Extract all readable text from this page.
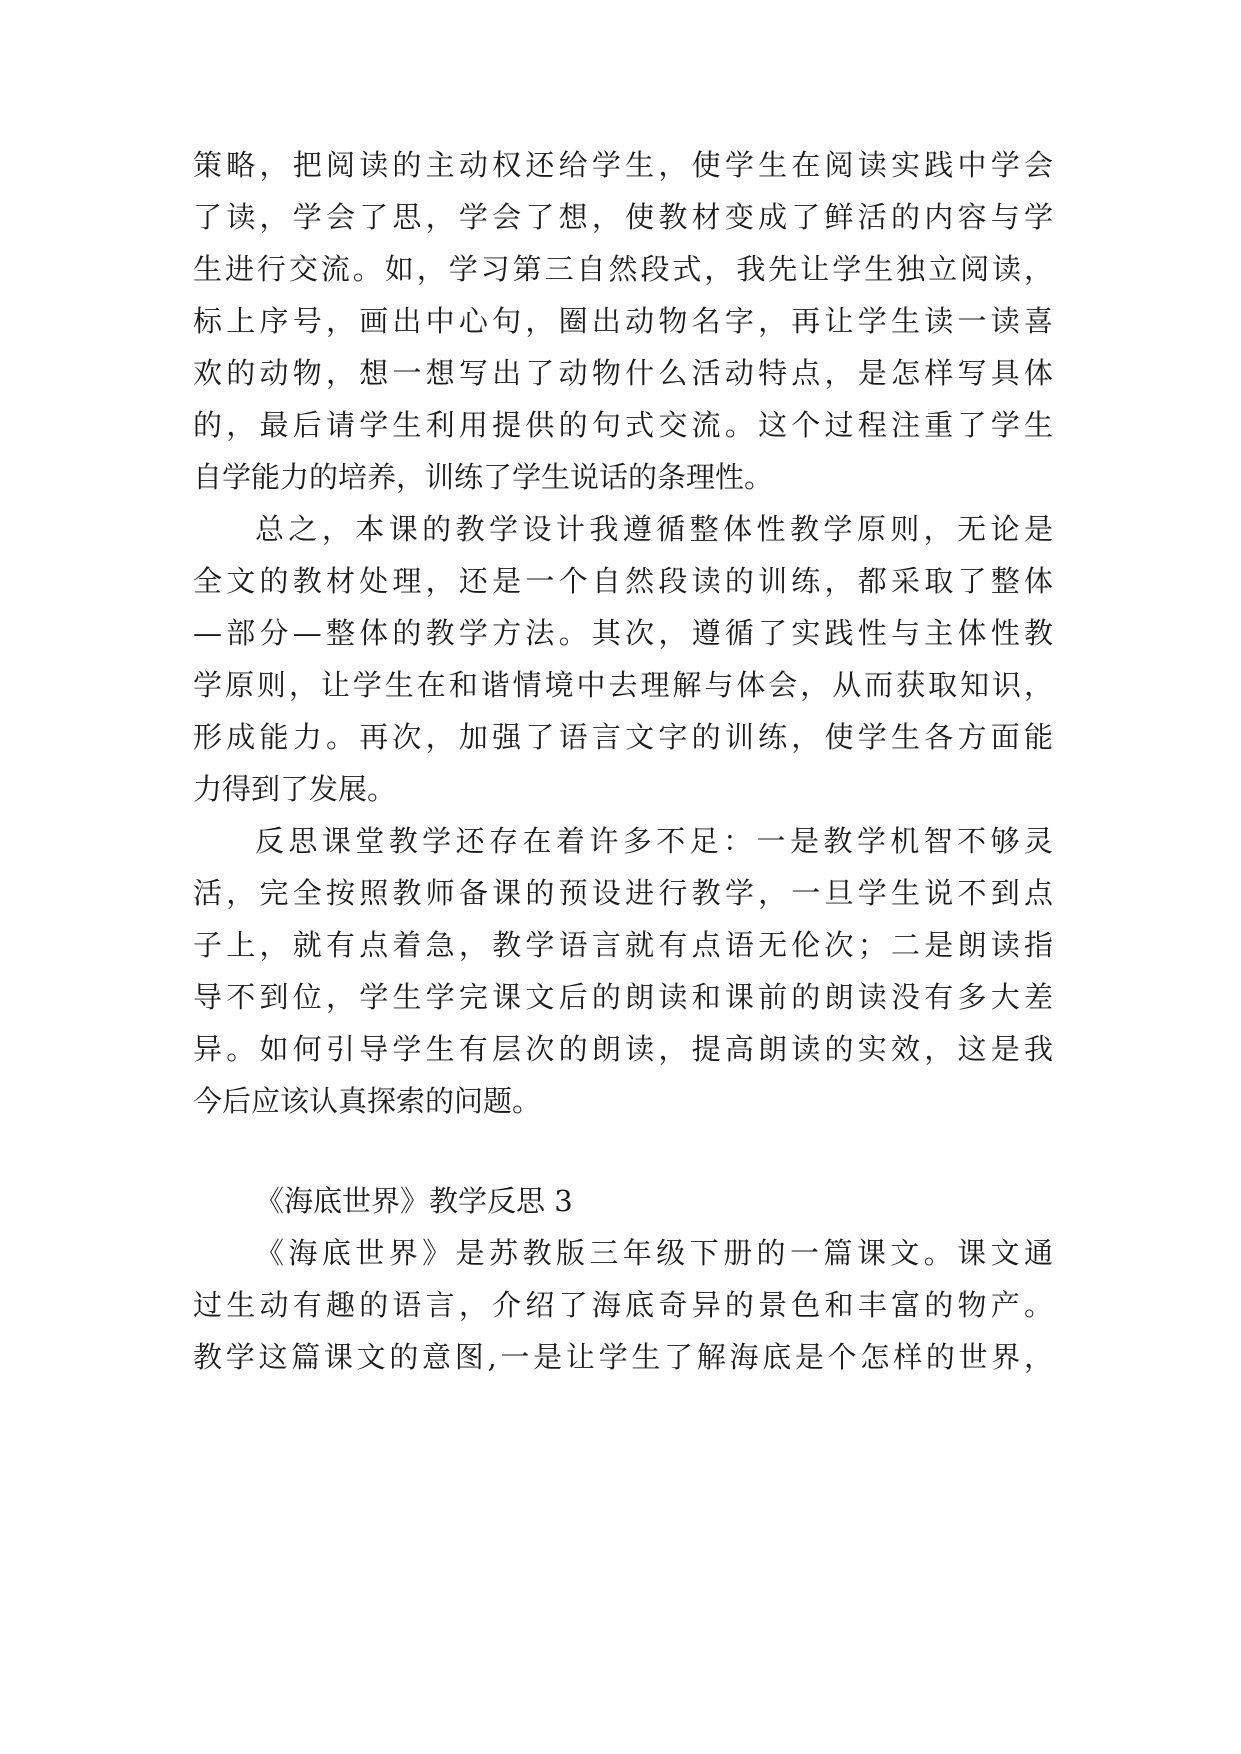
策略，把阅读的主动权还给学生，使学生在阅读实践中学会
了读，学会了思，学会了想，使教材变成了鲜活的内容与学
生进行交流。如，学习第三自然段式，我先让学生独立阅读，
标上序号，画出中心句，圈出动物名字，再让学生读一读喜
欢的动物，想一想写出了动物什么活动特点，是怎样写具体
的，最后请学生利用提供的句式交流。这个过程注重了学生
自学能力的培养，训练了学生说话的条理性。
总之，本课的教学设计我遵循整体性教学原则，无论是
全文的教材处理，还是一个自然段读的训练，都采取了整体
—部分—整体的教学方法。其次，遵循了实践性与主体性教
学原则，让学生在和谐情境中去理解与体会，从而获取知识，
形成能力。再次，加强了语言文字的训练，使学生各方面能
力得到了发展。
反思课堂教学还存在着许多不足：一是教学机智不够灵
活，完全按照教师备课的预设进行教学，一旦学生说不到点
子上，就有点着急，教学语言就有点语无伦次；二是朗读指
导不到位，学生学完课文后的朗读和课前的朗读没有多大差
异。如何引导学生有层次的朗读，提高朗读的实效，这是我
今后应该认真探索的问题。
《海底世界》教学反思 3
《海底世界》是苏教版三年级下册的一篇课文。课文通
过生动有趣的语言，介绍了海底奇异的景色和丰富的物产。
教学这篇课文的意图,一是让学生了解海底是个怎样的世界，
